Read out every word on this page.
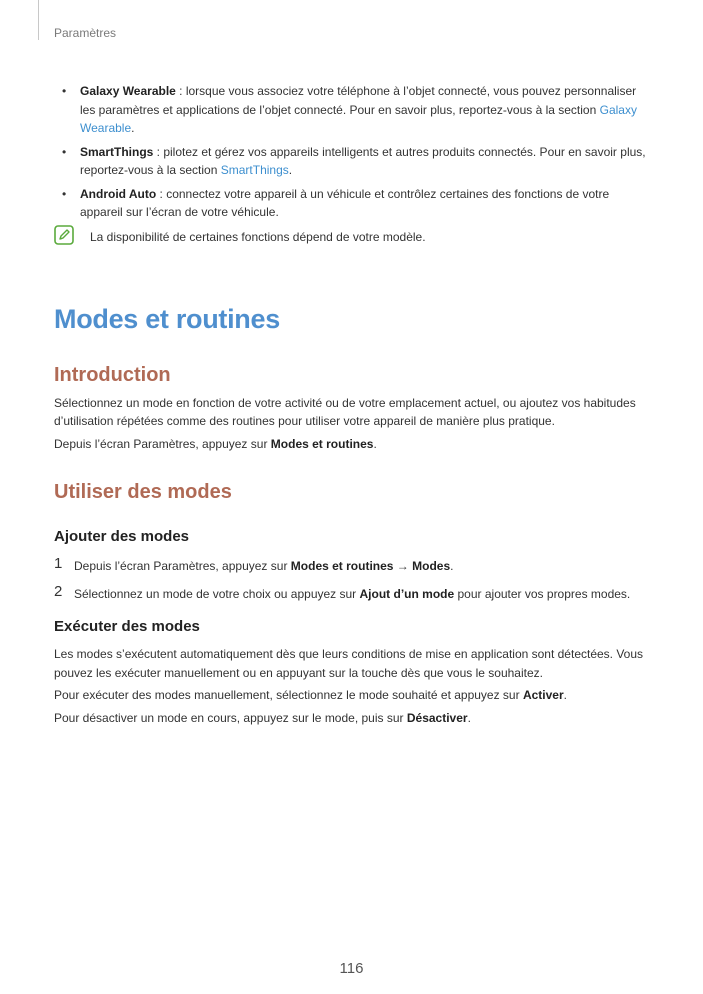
Paramètres
• Galaxy Wearable : lorsque vous associez votre téléphone à l’objet connecté, vous pouvez personnaliser les paramètres et applications de l’objet connecté. Pour en savoir plus, reportez-vous à la section Galaxy Wearable.
• SmartThings : pilotez et gérez vos appareils intelligents et autres produits connectés. Pour en savoir plus, reportez-vous à la section SmartThings.
• Android Auto : connectez votre appareil à un véhicule et contrôlez certaines des fonctions de votre appareil sur l’écran de votre véhicule.
La disponibilité de certaines fonctions dépend de votre modèle.
Modes et routines
Introduction

Sélectionnez un mode en fonction de votre activité ou de votre emplacement actuel, ou ajoutez vos habitudes d’utilisation répétées comme des routines pour utiliser votre appareil de manière plus pratique.

Depuis l’écran Paramètres, appuyez sur Modes et routines.

Utiliser des modes
Ajouter des modes
1 Depuis l’écran Paramètres, appuyez sur Modes et routines → Modes.
2 Sélectionnez un mode de votre choix ou appuyez sur Ajout d’un mode pour ajouter vos propres modes.
Exécuter des modes

Les modes s’exécutent automatiquement dès que leurs conditions de mise en application sont détectées. Vous pouvez les exécuter manuellement ou en appuyant sur la touche dès que vous le souhaitez.

Pour exécuter des modes manuellement, sélectionnez le mode souhaité et appuyez sur Activer.

Pour désactiver un mode en cours, appuyez sur le mode, puis sur Désactiver.

116
